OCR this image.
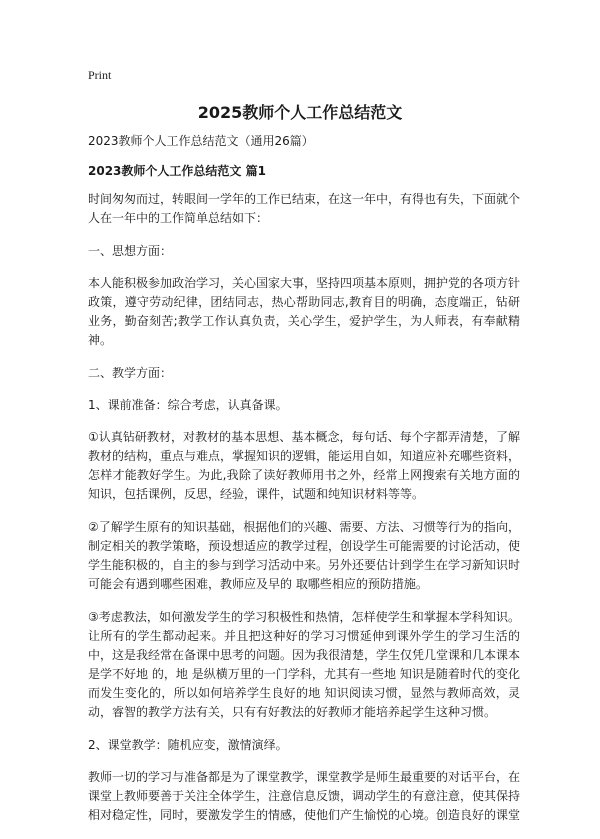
Print
2025教师个人工作总结范文

2023教师个人工作总结范文（通用26篇）

2023教师个人工作总结范文 篇1

时间匆匆而过，转眼间一学年的工作已结束，在这一年中，有得也有失，下面就个人在一年中的工作简单总结如下：

一、思想方面：

本人能积极参加政治学习，关心国家大事，坚持四项基本原则，拥护党的各项方针政策，遵守劳动纪律，团结同志，热心帮助同志,教育目的明确，态度端正，钻研业务，勤奋刻苦;教学工作认真负责，关心学生，爱护学生，为人师表，有奉献精神。

二、教学方面：

1、课前准备：综合考虑，认真备课。

①认真钻研教材，对教材的基本思想、基本概念，每句话、每个字都弄清楚，了解教材的结构，重点与难点，掌握知识的逻辑，能运用自如，知道应补充哪些资料，怎样才能教好学生。为此,我除了读好教师用书之外，经常上网搜索有关地方面的知识，包括课例，反思，经验，课件，试题和纯知识材料等等。

②了解学生原有的知识基础，根据他们的兴趣、需要、方法、习惯等行为的指向，制定相关的教学策略，预设想适应的教学过程，创设学生可能需要的讨论活动，使学生能积极的，自主的参与到学习活动中来。另外还要估计到学生在学习新知识时可能会有遇到哪些困难，教师应及早的 取哪些相应的预防措施。

③考虑教法，如何激发学生的学习积极性和热情，怎样使学生和掌握本学科知识。让所有的学生都动起来。并且把这种好的学习习惯延伸到课外学生的学习生活的中，这是我经常在备课中思考的问题。因为我很清楚，学生仅凭几堂课和几本课本是学不好地 的，地 是纵横万里的一门学科，尤其有一些地 知识是随着时代的变化而发生变化的，所以如何培养学生良好的地 知识阅读习惯，显然与教师高效，灵动，睿智的教学方法有关，只有有好教法的好教师才能培养起学生这种习惯。

2、课堂教学：随机应变，激情演绎。

教师一切的学习与准备都是为了课堂教学，课堂教学是师生最重要的对话平台，在课堂上教师要善于关注全体学生，注意信息反馈，调动学生的有意注意，使其保持相对稳定性，同时，要激发学生的情感，使他们产生愉悦的心境。创造良好的课堂
